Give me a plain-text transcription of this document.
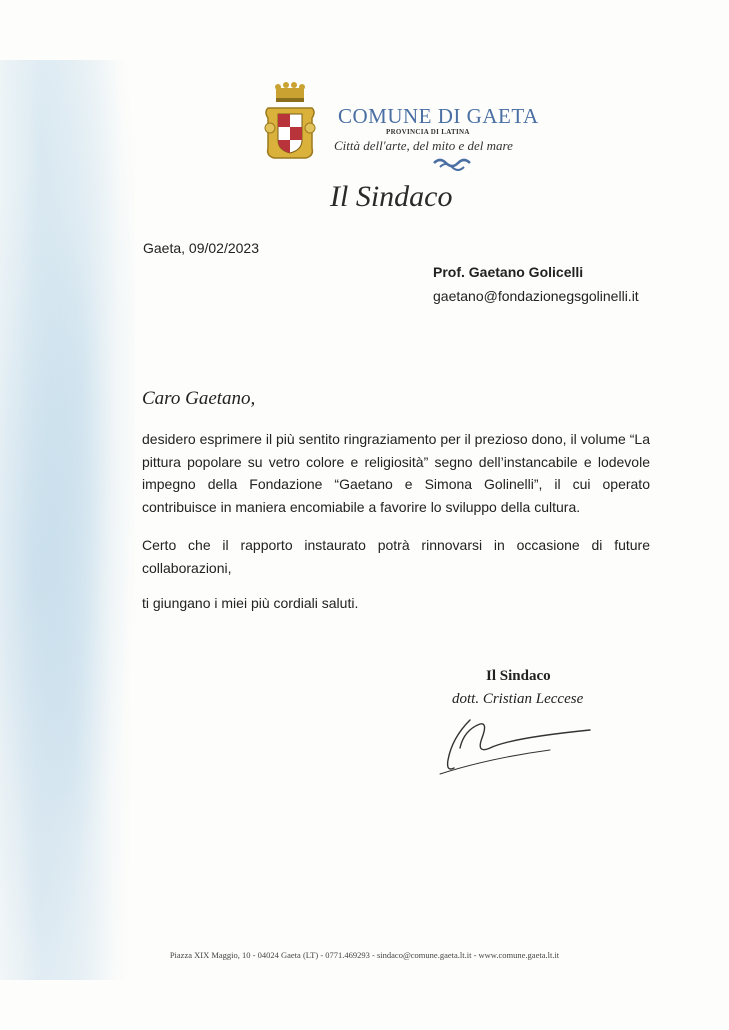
COMUNE DI GAETA
PROVINCIA DI LATINA
Città dell'arte, del mito e del mare
Il Sindaco
Gaeta, 09/02/2023
Prof. Gaetano Golicelli
gaetano@fondazionegsgolinelli.it
Caro Gaetano,

desidero esprimere il più sentito ringraziamento per il prezioso dono, il volume “La pittura popolare su vetro colore e religiosità” segno dell’instancabile e lodevole impegno della Fondazione “Gaetano e Simona Golinelli”, il cui operato contribuisce in maniera encomiabile a favorire lo sviluppo della cultura.

Certo che il rapporto instaurato potrà rinnovarsi in occasione di future collaborazioni,

ti giungano i miei più cordiali saluti.

Il Sindaco
dott. Cristian Leccese
Piazza XIX Maggio, 10 - 04024 Gaeta (LT) - 0771.469293 - sindaco@comune.gaeta.lt.it - www.comune.gaeta.lt.it
